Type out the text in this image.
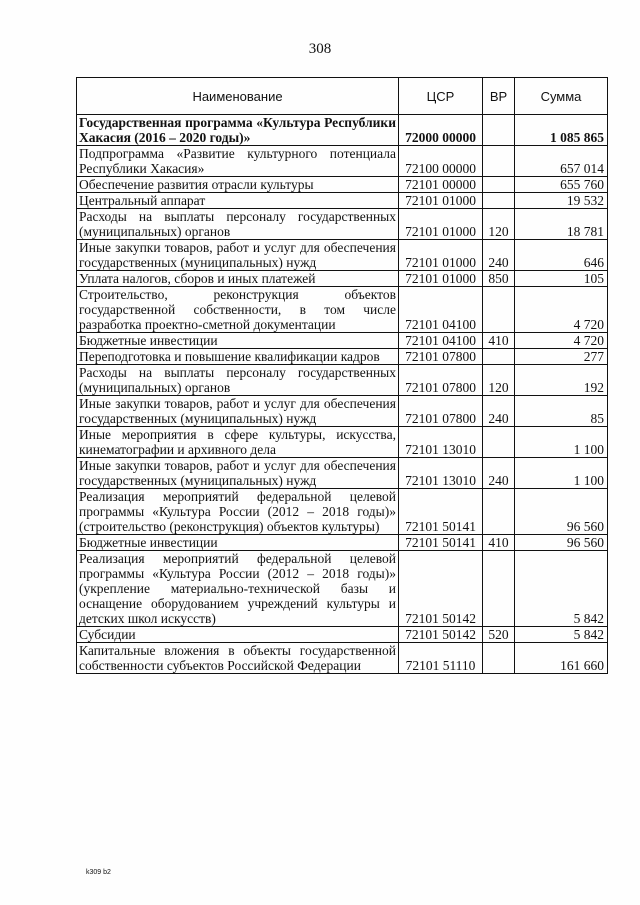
308
Наименование	ЦСР	ВР	Сумма
Государственная программа «Культура Республики Хакасия (2016 – 2020 годы)»	72000 00000		1 085 865
Подпрограмма «Развитие культурного потенциала Республики Хакасия»	72100 00000		657 014
Обеспечение развития отрасли культуры	72101 00000		655 760
Центральный аппарат	72101 01000		19 532
Расходы на выплаты персоналу государственных (муниципальных) органов	72101 01000	120	18 781
Иные закупки товаров, работ и услуг для обеспечения государственных (муниципальных) нужд	72101 01000	240	646
Уплата налогов, сборов и иных платежей	72101 01000	850	105
Строительство, реконструкция объектов государственной собственности, в том числе разработка проектно-сметной документации	72101 04100		4 720
Бюджетные инвестиции	72101 04100	410	4 720
Переподготовка и повышение квалификации кадров	72101 07800		277
Расходы на выплаты персоналу государственных (муниципальных) органов	72101 07800	120	192
Иные закупки товаров, работ и услуг для обеспечения государственных (муниципальных) нужд	72101 07800	240	85
Иные мероприятия в сфере культуры, искусства, кинематографии и архивного дела	72101 13010		1 100
Иные закупки товаров, работ и услуг для обеспечения государственных (муниципальных) нужд	72101 13010	240	1 100
Реализация мероприятий федеральной целевой программы «Культура России (2012 – 2018 годы)» (строительство (реконструкция) объектов культуры)	72101 50141		96 560
Бюджетные инвестиции	72101 50141	410	96 560
Реализация мероприятий федеральной целевой программы «Культура России (2012 – 2018 годы)» (укрепление материально-технической базы и оснащение оборудованием учреждений культуры и детских школ искусств)	72101 50142		5 842
Субсидии	72101 50142	520	5 842
Капитальные вложения в объекты государственной собственности субъектов Российской Федерации	72101 51110		161 660
k309 b2
